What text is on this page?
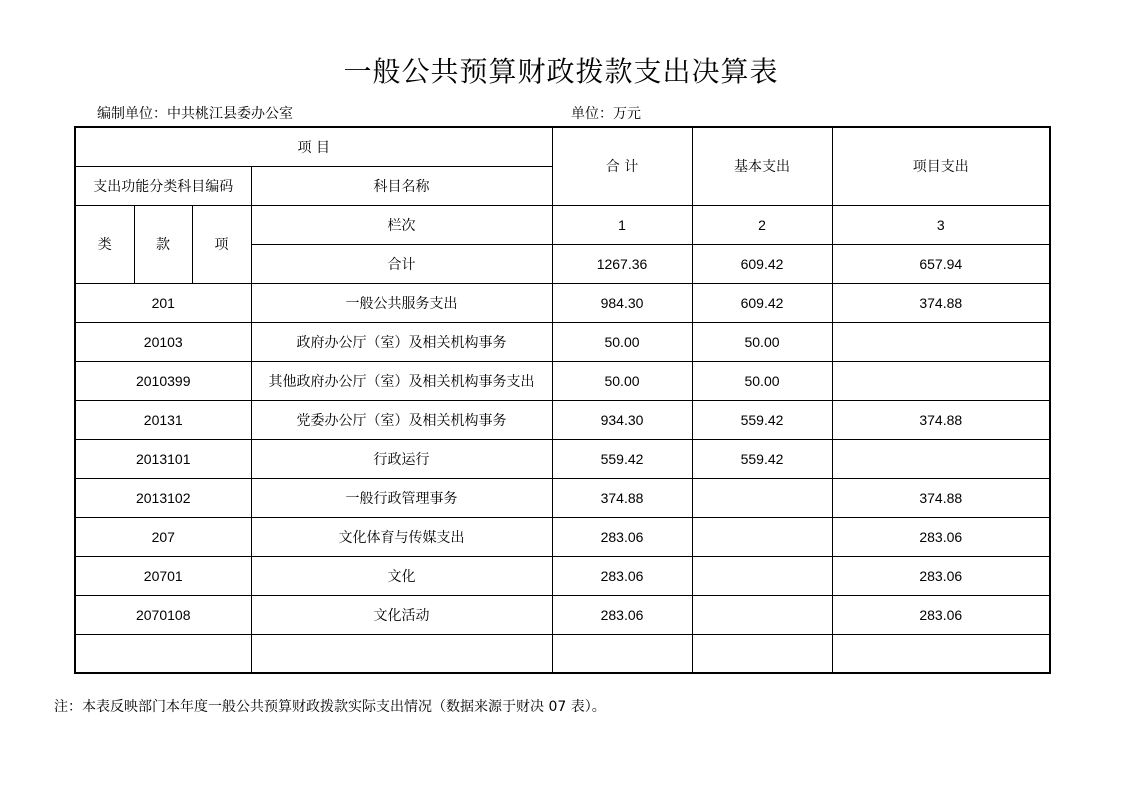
一般公共预算财政拨款支出决算表
编制单位：中共桃江县委办公室	单位：万元
项 目				合 计	基本支出	项目支出
支出功能分类科目编码			科目名称			
类	款	项	栏次	1	2	3
			合计	1267.36	609.42	657.94
201			一般公共服务支出	984.30	609.42	374.88
20103			政府办公厅（室）及相关机构事务	50.00	50.00	
2010399			其他政府办公厅（室）及相关机构事务支出	50.00	50.00	
20131			党委办公厅（室）及相关机构事务	934.30	559.42	374.88
2013101			行政运行	559.42	559.42	
2013102			一般行政管理事务	374.88		374.88
207			文化体育与传媒支出	283.06		283.06
20701			文化	283.06		283.06
2070108			文化活动	283.06		283.06

注：本表反映部门本年度一般公共预算财政拨款实际支出情况（数据来源于财决 07 表）。
